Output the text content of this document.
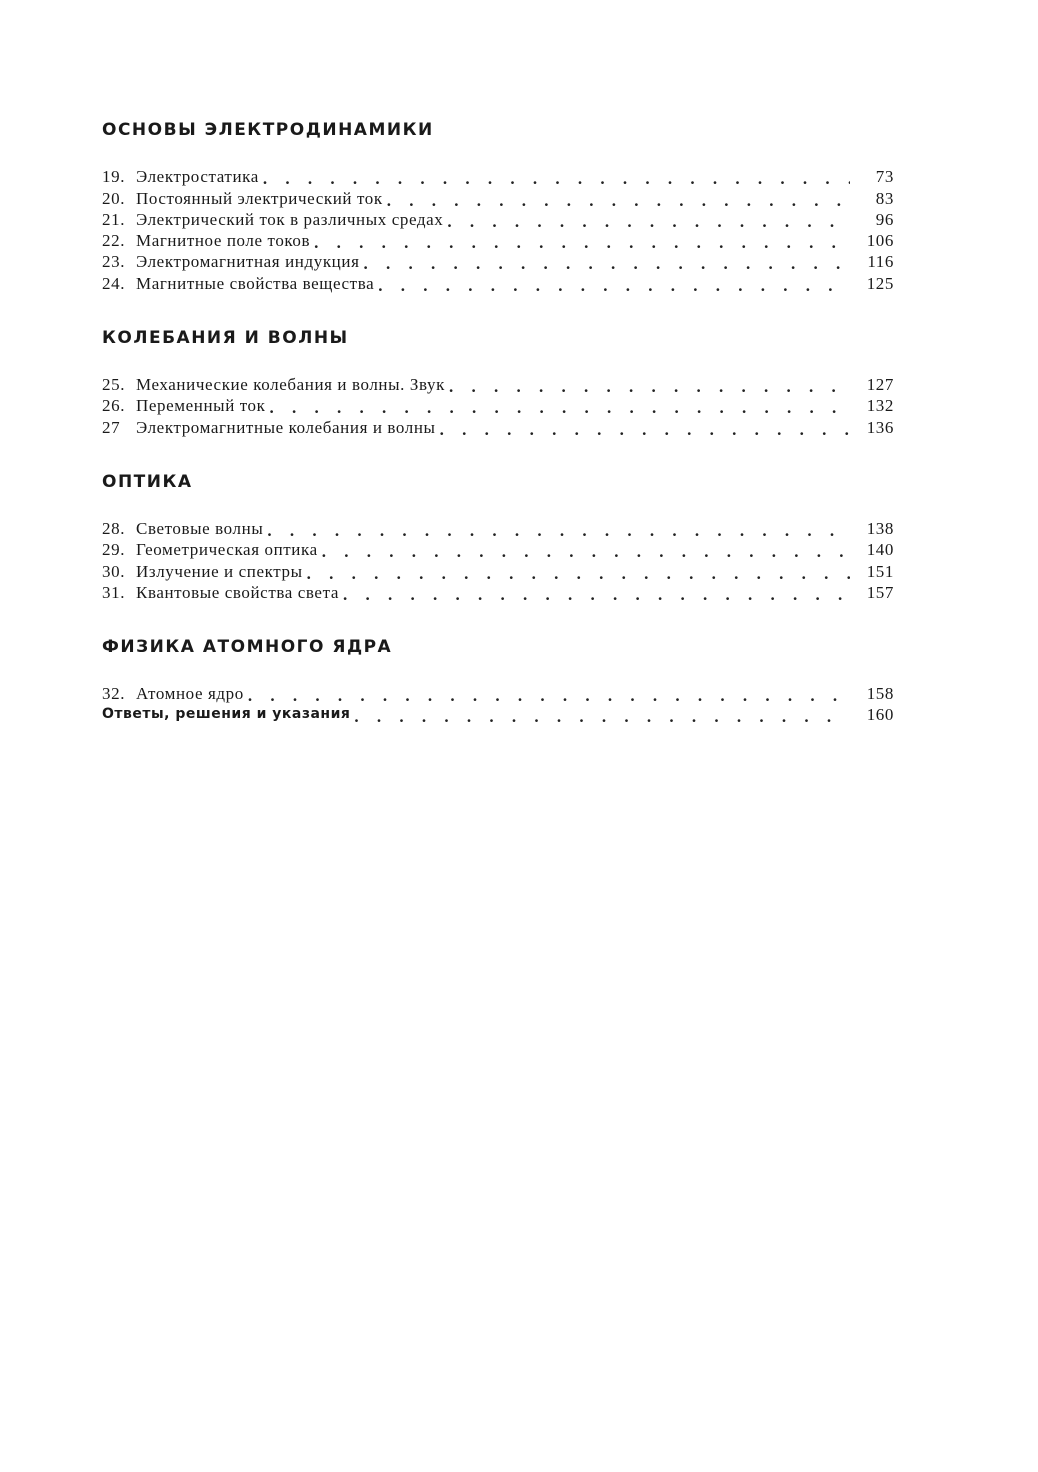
ОСНОВЫ ЭЛЕКТРОДИНАМИКИ
19. Электростатика . . .	73
20. Постоянный электрический ток . . .	83
21. Электрический ток в различных средах . . .	96
22. Магнитное поле токов . . .	106
23. Электромагнитная индукция . . .	116
24. Магнитные свойства вещества . . .	125
КОЛЕБАНИЯ И ВОЛНЫ
25. Механические колебания и волны. Звук . . .	127
26. Переменный ток . . .	132
27 Электромагнитные колебания и волны . . .	136
ОПТИКА
28. Световые волны . . .	138
29. Геометрическая оптика . . .	140
30. Излучение и спектры . . .	151
31. Квантовые свойства света . . .	157
ФИЗИКА АТОМНОГО ЯДРА
32. Атомное ядро . . .	158
Ответы, решения и указания . . .	160
